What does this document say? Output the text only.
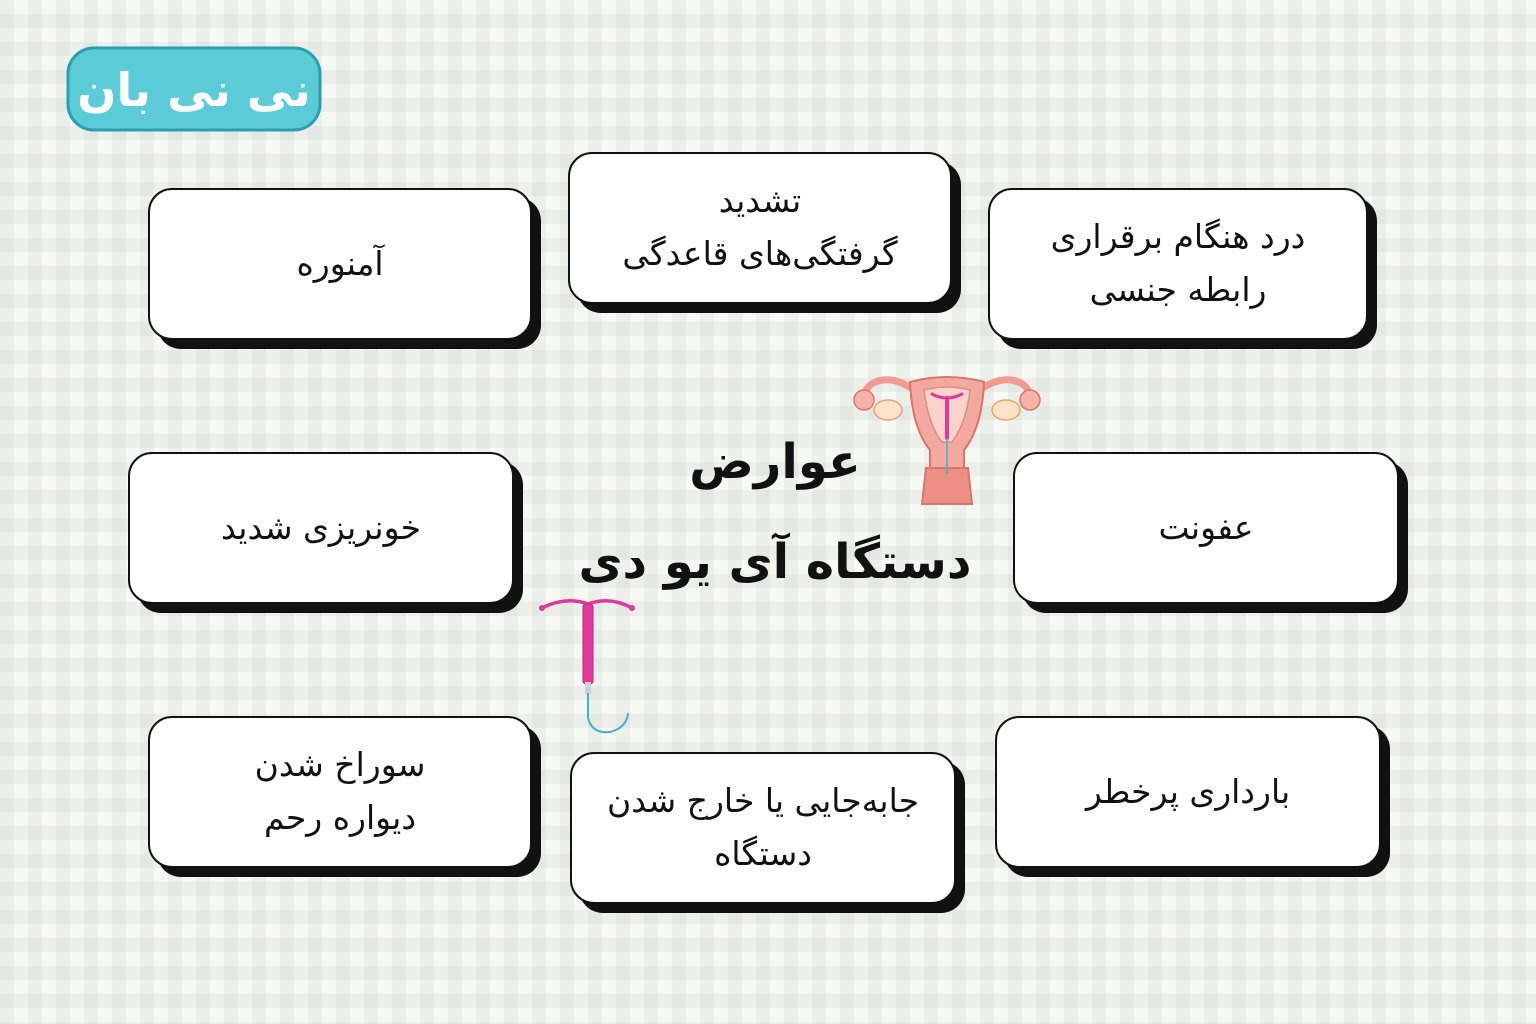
نی نی بان
آمنوره
تشدید
گرفتگی‌های قاعدگی	درد هنگام برقراری
رابطه جنسی
خونریزی شدید	عفونت
سوراخ شدن
دیواره رحم	جابه‌جایی یا خارج شدن
دستگاه
بارداری پرخطر
عوارض
دستگاه آی یو دی
